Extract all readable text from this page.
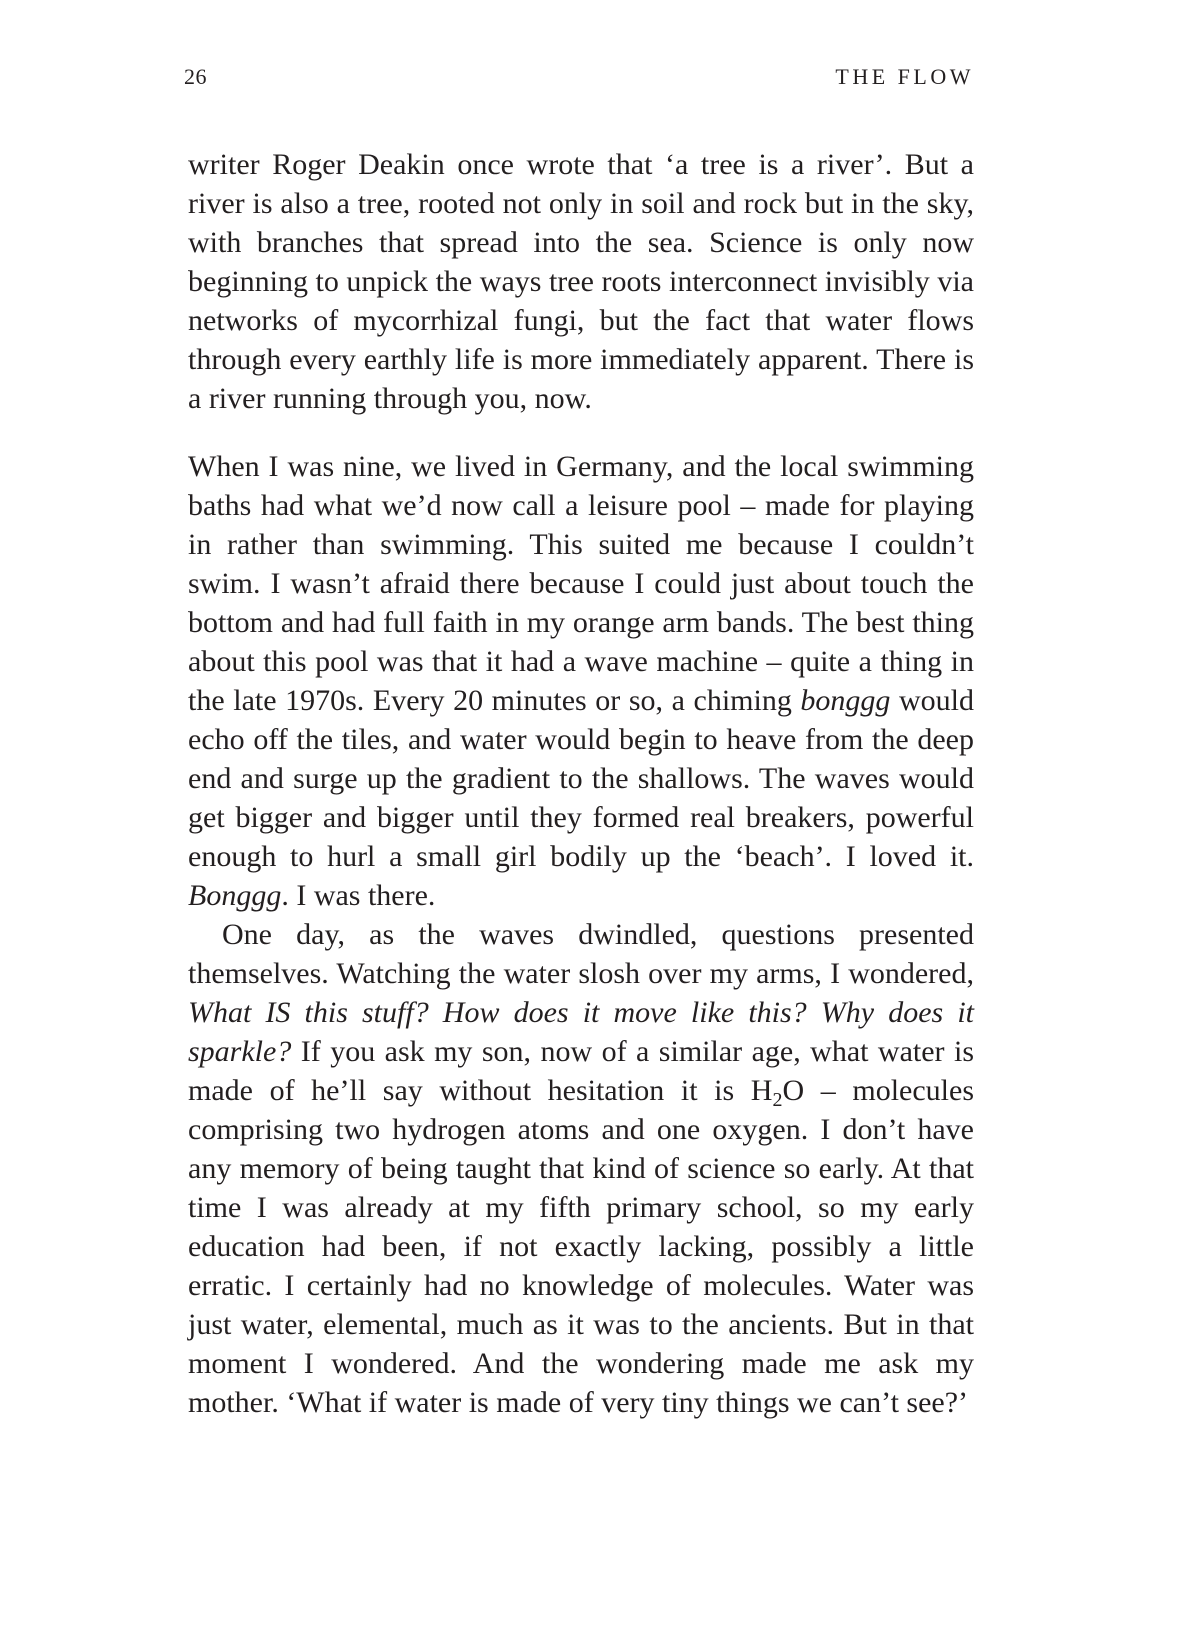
26	THE FLOW

writer Roger Deakin once wrote that ‘a tree is a river’. But a river is also a tree, rooted not only in soil and rock but in the sky, with branches that spread into the sea. Science is only now beginning to unpick the ways tree roots interconnect invisibly via networks of mycorrhizal fungi, but the fact that water flows through every earthly life is more immediately apparent. There is a river running through you, now.

When I was nine, we lived in Germany, and the local swimming baths had what we’d now call a leisure pool – made for playing in rather than swimming. This suited me because I couldn’t swim. I wasn’t afraid there because I could just about touch the bottom and had full faith in my orange arm bands. The best thing about this pool was that it had a wave machine – quite a thing in the late 1970s. Every 20 minutes or so, a chiming bonggg would echo off the tiles, and water would begin to heave from the deep end and surge up the gradient to the shallows. The waves would get bigger and bigger until they formed real breakers, powerful enough to hurl a small girl bodily up the ‘beach’. I loved it. Bonggg. I was there.

One day, as the waves dwindled, questions presented themselves. Watching the water slosh over my arms, I wondered, What IS this stuff? How does it move like this? Why does it sparkle? If you ask my son, now of a similar age, what water is made of he’ll say without hesitation it is $H_2O$ – molecules comprising two hydrogen atoms and one oxygen. I don’t have any memory of being taught that kind of science so early. At that time I was already at my fifth primary school, so my early education had been, if not exactly lacking, possibly a little erratic. I certainly had no knowledge of molecules. Water was just water, elemental, much as it was to the ancients. But in that moment I wondered. And the wondering made me ask my mother. ‘What if water is made of very tiny things we can’t see?’
